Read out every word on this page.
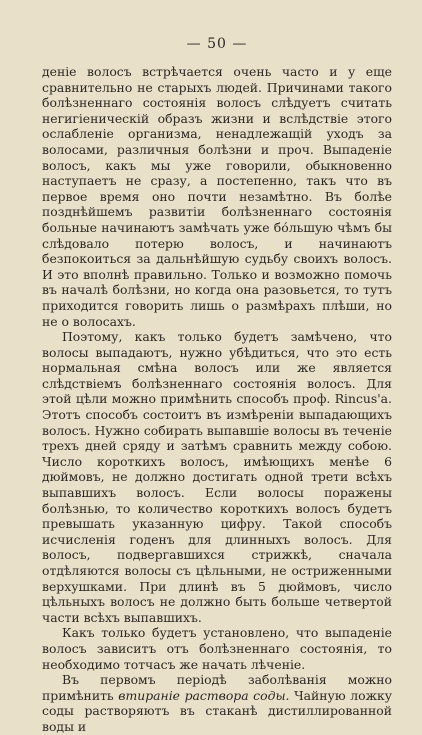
— 50 —

деніе волосъ встрѣчается очень часто и у еще сравнительно не старыхъ людей. Причинами такого болѣзненнаго состоянія волосъ слѣдуетъ считать негигіеническій образъ жизни и вслѣдствіе этого ослабленіе организма, ненадлежащій уходъ за волосами, различныя болѣзни и проч. Выпаденіе волосъ, какъ мы уже говорили, обыкновенно наступаетъ не сразу, а постепенно, такъ что въ первое время оно почти незамѣтно. Въ болѣе позднѣйшемъ развитіи болѣзненнаго состоянія больные начинаютъ замѣчать уже бо́льшую чѣмъ бы слѣдовало потерю волосъ, и начинаютъ безпокоиться за дальнѣйшую судьбу своихъ волосъ. И это вполнѣ правильно. Только и возможно помочь въ началѣ болѣзни, но когда она разовьется, то тутъ приходится говорить лишь о размѣрахъ плѣши, но не о волосахъ.

Поэтому, какъ только будетъ замѣчено, что волосы выпадаютъ, нужно убѣдиться, что это есть нормальная смѣна волосъ или же является слѣдствіемъ болѣзненнаго состоянія волосъ. Для этой цѣли можно примѣнить способъ проф. Rincus'a. Этотъ способъ состоитъ въ измѣреніи выпадающихъ волосъ. Нужно собирать выпавшіе волосы въ теченіе трехъ дней сряду и затѣмъ сравнить между собою. Число короткихъ волосъ, имѣющихъ менѣе 6 дюймовъ, не должно достигать одной трети всѣхъ выпавшихъ волосъ. Если волосы поражены болѣзнью, то количество короткихъ волосъ будетъ превышать указанную цифру. Такой способъ исчисленія годенъ для длинныхъ волосъ. Для волосъ, подвергавшихся стрижкѣ, сначала отдѣляются волосы съ цѣльными, не остриженными верхушками. При длинѣ въ 5 дюймовъ, число цѣльныхъ волосъ не должно быть больше четвертой части всѣхъ выпавшихъ.

Какъ только будетъ установлено, что выпаденіе волосъ зависитъ отъ болѣзненнаго состоянія, то необходимо тотчасъ же начать лѣченіе.

Въ первомъ періодѣ заболѣванія можно примѣнить втираніе раствора соды. Чайную ложку соды растворяютъ въ стаканѣ дистиллированной воды и
